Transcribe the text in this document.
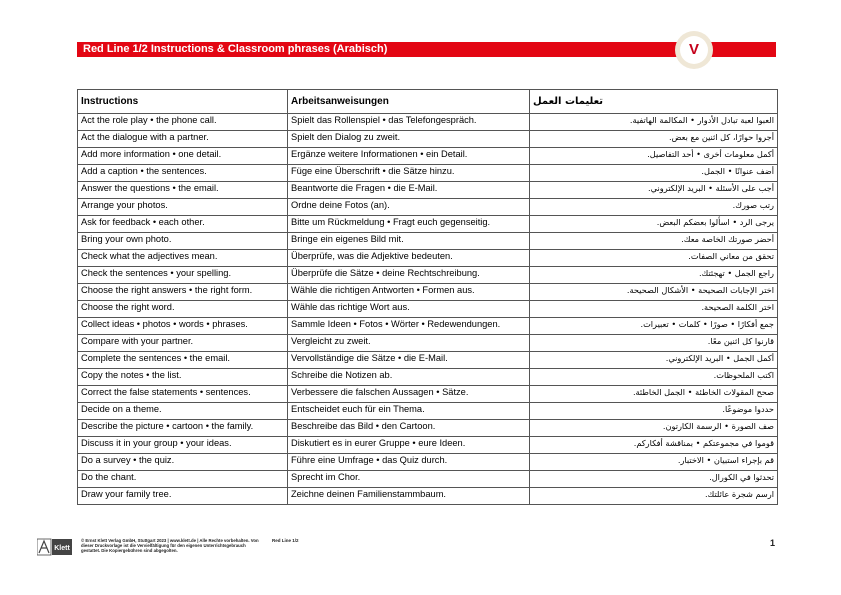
Red Line 1/2 Instructions & Classroom phrases (Arabisch)	V
Instructions	Arbeitsanweisungen	تعليمات العمل
Act the role play • the phone call.	Spielt das Rollenspiel • das Telefongespräch.	العبوا لعبة تبادل الأدوار • المكالمة الهاتفية.
Act the dialogue with a partner.	Spielt den Dialog zu zweit.	أجروا حوارًا، كل اثنين مع بعض.
Add more information • one detail.	Ergänze weitere Informationen • ein Detail.	أكمل معلومات أخرى • أحد التفاصيل.
Add a caption • the sentences.	Füge eine Überschrift • die Sätze hinzu.	أضف عنوانًا • الجمل.
Answer the questions • the email.	Beantworte die Fragen • die E-Mail.	أجب على الأسئلة • البريد الإلكتروني.
Arrange your photos.	Ordne deine Fotos (an).	رتب صورك.
Ask for feedback • each other.	Bitte um Rückmeldung • Fragt euch gegenseitig.	يرجى الرد • اسألوا بعضكم البعض.
Bring your own photo.	Bringe ein eigenes Bild mit.	أحضر صورتك الخاصة معك.
Check what the adjectives mean.	Überprüfe, was die Adjektive bedeuten.	تحقق من معاني الصفات.
Check the sentences • your spelling.	Überprüfe die Sätze • deine Rechtschreibung.	راجع الجمل • تهجئتك.
Choose the right answers • the right form.	Wähle die richtigen Antworten • Formen aus.	اختر الإجابات الصحيحة • الأشكال الصحيحة.
Choose the right word.	Wähle das richtige Wort aus.	اختر الكلمة الصحيحة.
Collect ideas • photos • words • phrases.	Sammle Ideen • Fotos • Wörter • Redewendungen.	جمع أفكارًا • صورًا • كلمات • تعبيرات.
Compare with your partner.	Vergleicht zu zweit.	قارنوا كل اثنين معًا.
Complete the sentences • the email.	Vervollständige die Sätze • die E-Mail.	أكمل الجمل • البريد الإلكتروني.
Copy the notes • the list.	Schreibe die Notizen ab.	اكتب الملحوظات.
Correct the false statements • sentences.	Verbessere die falschen Aussagen • Sätze.	صحح المقولات الخاطئة • الجمل الخاطئة.
Decide on a theme.	Entscheidet euch für ein Thema.	حددوا موضوعًا.
Describe the picture • cartoon • the family.	Beschreibe das Bild • den Cartoon.	صف الصورة • الرسمة الكارتون.
Discuss it in your group • your ideas.	Diskutiert es in eurer Gruppe • eure Ideen.	قوموا في مجموعتكم • بمناقشة أفكاركم.
Do a survey • the quiz.	Führe eine Umfrage • das Quiz durch.	قم بإجراء استبيان • الاختبار.
Do the chant.	Sprecht im Chor.	تحدثوا في الكورال.
Draw your family tree.	Zeichne deinen Familienstammbaum.	ارسم شجرة عائلتك.
Klett
© Ernst Klett Verlag GmbH, Stuttgart 2023 | www.klett.de | Alle Rechte vorbehalten. Von dieser Druckvorlage ist die Vervielfältigung für den eigenen Unterrichtsgebrauch gestattet. Die Kopiergebühren sind abgegolten.
Red Line 1/2	1
